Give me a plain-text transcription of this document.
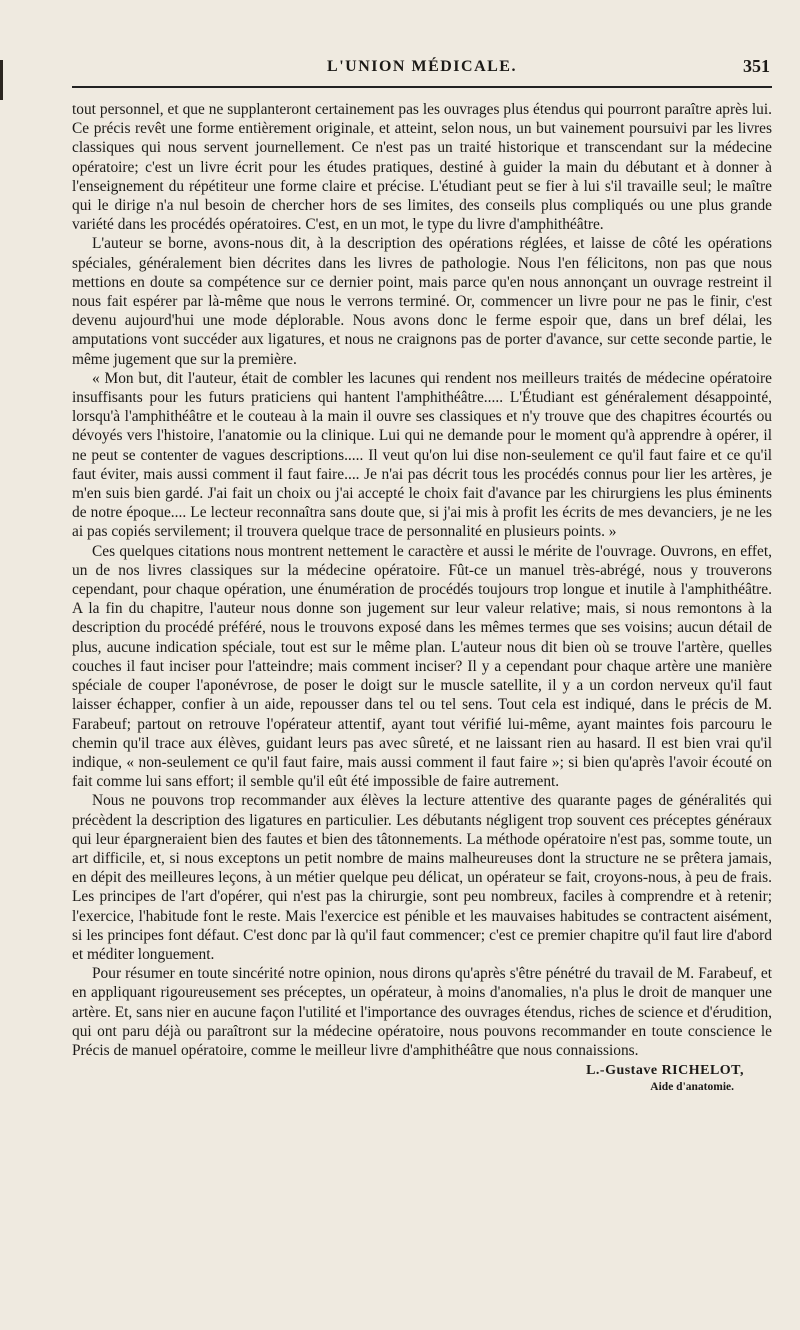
L'UNION MÉDICALE.	351

tout personnel, et que ne supplanteront certainement pas les ouvrages plus étendus qui pourront paraître après lui. Ce précis revêt une forme entièrement originale, et atteint, selon nous, un but vainement poursuivi par les livres classiques qui nous servent journellement. Ce n'est pas un traité historique et transcendant sur la médecine opératoire; c'est un livre écrit pour les études pratiques, destiné à guider la main du débutant et à donner à l'enseignement du répétiteur une forme claire et précise. L'étudiant peut se fier à lui s'il travaille seul; le maître qui le dirige n'a nul besoin de chercher hors de ses limites, des conseils plus compliqués ou une plus grande variété dans les procédés opératoires. C'est, en un mot, le type du livre d'amphithéâtre.

L'auteur se borne, avons-nous dit, à la description des opérations réglées, et laisse de côté les opérations spéciales, généralement bien décrites dans les livres de pathologie. Nous l'en félicitons, non pas que nous mettions en doute sa compétence sur ce dernier point, mais parce qu'en nous annonçant un ouvrage restreint il nous fait espérer par là-même que nous le verrons terminé. Or, commencer un livre pour ne pas le finir, c'est devenu aujourd'hui une mode déplorable. Nous avons donc le ferme espoir que, dans un bref délai, les amputations vont succéder aux ligatures, et nous ne craignons pas de porter d'avance, sur cette seconde partie, le même jugement que sur la première.

« Mon but, dit l'auteur, était de combler les lacunes qui rendent nos meilleurs traités de médecine opératoire insuffisants pour les futurs praticiens qui hantent l'amphithéâtre..... L'Étudiant est généralement désappointé, lorsqu'à l'amphithéâtre et le couteau à la main il ouvre ses classiques et n'y trouve que des chapitres écourtés ou dévoyés vers l'histoire, l'anatomie ou la clinique. Lui qui ne demande pour le moment qu'à apprendre à opérer, il ne peut se contenter de vagues descriptions..... Il veut qu'on lui dise non-seulement ce qu'il faut faire et ce qu'il faut éviter, mais aussi comment il faut faire.... Je n'ai pas décrit tous les procédés connus pour lier les artères, je m'en suis bien gardé. J'ai fait un choix ou j'ai accepté le choix fait d'avance par les chirurgiens les plus éminents de notre époque.... Le lecteur reconnaîtra sans doute que, si j'ai mis à profit les écrits de mes devanciers, je ne les ai pas copiés servilement; il trouvera quelque trace de personnalité en plusieurs points. »

Ces quelques citations nous montrent nettement le caractère et aussi le mérite de l'ouvrage. Ouvrons, en effet, un de nos livres classiques sur la médecine opératoire. Fût-ce un manuel très-abrégé, nous y trouverons cependant, pour chaque opération, une énumération de procédés toujours trop longue et inutile à l'amphithéâtre. A la fin du chapitre, l'auteur nous donne son jugement sur leur valeur relative; mais, si nous remontons à la description du procédé préféré, nous le trouvons exposé dans les mêmes termes que ses voisins; aucun détail de plus, aucune indication spéciale, tout est sur le même plan. L'auteur nous dit bien où se trouve l'artère, quelles couches il faut inciser pour l'atteindre; mais comment inciser? Il y a cependant pour chaque artère une manière spéciale de couper l'aponévrose, de poser le doigt sur le muscle satellite, il y a un cordon nerveux qu'il faut laisser échapper, confier à un aide, repousser dans tel ou tel sens. Tout cela est indiqué, dans le précis de M. Farabeuf; partout on retrouve l'opérateur attentif, ayant tout vérifié lui-même, ayant maintes fois parcouru le chemin qu'il trace aux élèves, guidant leurs pas avec sûreté, et ne laissant rien au hasard. Il est bien vrai qu'il indique, « non-seulement ce qu'il faut faire, mais aussi comment il faut faire »; si bien qu'après l'avoir écouté on fait comme lui sans effort; il semble qu'il eût été impossible de faire autrement.

Nous ne pouvons trop recommander aux élèves la lecture attentive des quarante pages de généralités qui précèdent la description des ligatures en particulier. Les débutants négligent trop souvent ces préceptes généraux qui leur épargneraient bien des fautes et bien des tâtonnements. La méthode opératoire n'est pas, somme toute, un art difficile, et, si nous exceptons un petit nombre de mains malheureuses dont la structure ne se prêtera jamais, en dépit des meilleures leçons, à un métier quelque peu délicat, un opérateur se fait, croyons-nous, à peu de frais. Les principes de l'art d'opérer, qui n'est pas la chirurgie, sont peu nombreux, faciles à comprendre et à retenir; l'exercice, l'habitude font le reste. Mais l'exercice est pénible et les mauvaises habitudes se contractent aisément, si les principes font défaut. C'est donc par là qu'il faut commencer; c'est ce premier chapitre qu'il faut lire d'abord et méditer longuement.

Pour résumer en toute sincérité notre opinion, nous dirons qu'après s'être pénétré du travail de M. Farabeuf, et en appliquant rigoureusement ses préceptes, un opérateur, à moins d'anomalies, n'a plus le droit de manquer une artère. Et, sans nier en aucune façon l'utilité et l'importance des ouvrages étendus, riches de science et d'érudition, qui ont paru déjà ou paraîtront sur la médecine opératoire, nous pouvons recommander en toute conscience le Précis de manuel opératoire, comme le meilleur livre d'amphithéâtre que nous connaissions.

L.-Gustave RICHELOT,
Aide d'anatomie.
